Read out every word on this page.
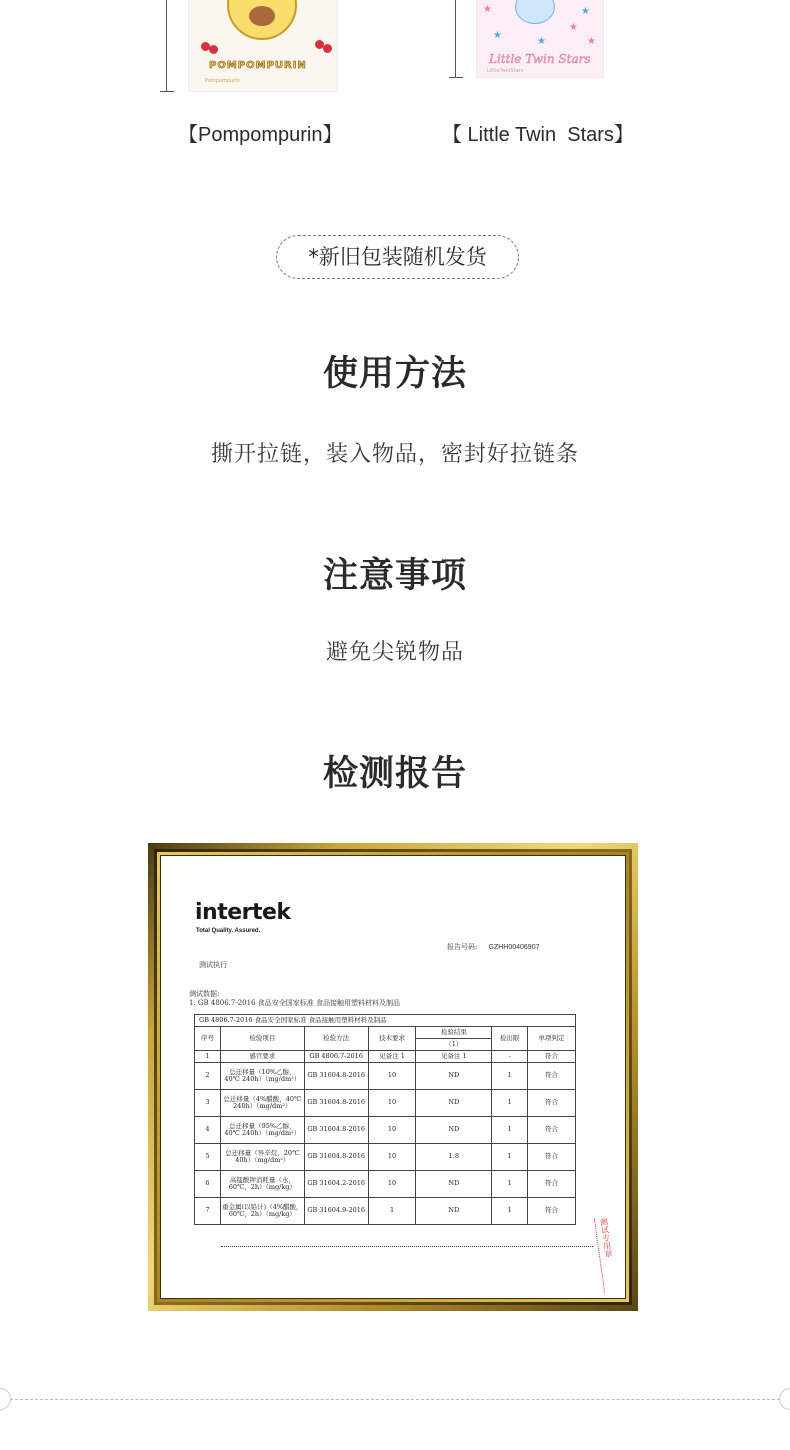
POMPOMPURIN
Pompompurin
★	★
★
★
★	★
Little Twin Stars
LittleTwinStars
【Pompompurin】	【 Little Twin  Stars】
*新旧包装随机发货
使用方法
撕开拉链，装入物品，密封好拉链条
注意事项
避免尖锐物品
检测报告
intertek
Total Quality. Assured.
报告号码: GZHH00406907
测试执行
测试数据:
1. GB 4806.7-2016 食品安全国家标准 食品接触用塑料材料及制品
GB 4806.7-2016 食品安全国家标准 食品接触用塑料材料及制品						
序号	检验项目	检验方法	技术要求	检验结果	检出限	单项判定
				（1）		
1	感官要求	GB 4806.7-2016	见备注 1	见备注 1	-	符合
2	总迁移量（10%乙醇，40℃ 240h）（mg/dm²）	GB 31604.8-2016	10	ND	1	符合
3	总迁移量（4%醋酸，40℃ 240h）（mg/dm²）	GB 31604.8-2016	10	ND	1	符合
4	总迁移量（95%乙醇，40℃ 240h）（mg/dm²）	GB 31604.8-2016	10	ND	1	符合
5	总迁移量（异辛烷，20℃ 40h）（mg/dm²）	GB 31604.8-2016	10	1.8	1	符合
6	高锰酸钾消耗量（水，60℃，2h）（mg/kg）	GB 31604.2-2016	10	ND	1	符合
7	重金属(以铅计)（4%醋酸，60℃，2h）（mg/kg）	GB 31604.9-2016	1	ND	1	符合
测试专用章
